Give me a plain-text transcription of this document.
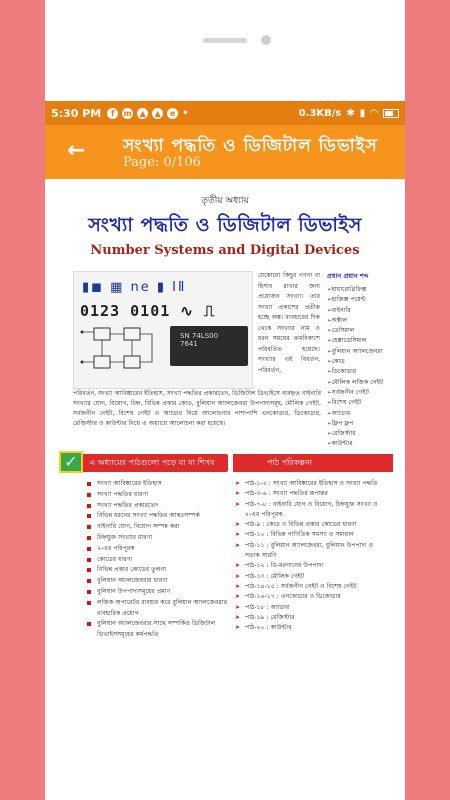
5:30 PM	f	m ▲	▲	e •	0.3KB/s ✱ ▮ ◠
← সংখ্যা পদ্ধতি ও ডিজিটাল ডিভাইস
Page: 0/106
তৃতীয় অধ্যায়
সংখ্যা পদ্ধতি ও ডিজিটাল ডিভাইস
Number Systems and Digital Devices
▮◼ ▦ ne ▮ ⅠⅡ
0123 0101 ∿ ⎍
SN 74LS00
7641
যেকোনো কিছুর গণনা বা হিসাব রাখার জন্য প্রয়োজন সংখ্যা। তার সংখ্যা প্রকাশের প্রতীক হচ্ছে অঙ্ক। ব্যবহারের দিক থেকে সংখ্যার নাম ও ধরন সময়ের ক্রমবিকাশে পরিবর্তিত হয়েছে। সংখ্যার এই বিবর্তন, পরিবর্তন,
পরিবর্তন, সংখ্যা আবিষ্কারের ইতিহাস, সংখ্যা পদ্ধতির প্রকারভেদ, ডিজিটাল ডিভাইসে ব্যবহৃত বাইনারি সংখ্যার যোগ, বিয়োগ, চিহ্ন, বিভিন্ন প্রকার কোড, বুলিয়ান অ্যালজেবরা উপপাদ্যসমূহ, মৌলিক গেইট, সর্বজনীন গেইট, বিশেষ গেইট ও অ্যাডার নিয়ে আলোচনার পাশাপাশি এনকোডার, ডিকোডার, রেজিস্টার ও কাউন্টার নিয়ে এ অধ্যায়ে আলোচনা করা হয়েছে।
প্রধান প্রধান শব্দ
➢ হায়ারোগ্লিফিক্স
➢ হাজিক্স পয়েন্ট
➢ বাইনারি
➢ অক্টাল
➢ ডেসিমাল
➢ হেক্সাডেসিমাল
➢ বুলিয়ান অ্যালজেবরা
➢ কোড
➢ ডিকোডার
➢ মৌলিক লজিক গেইট
➢ সর্বজনীন গেইট
➢ বিশেষ গেইট
➢ অ্যাডার
➢ ফ্লিপ ফ্লপ
➢ রেজিস্টার
➢ কাউন্টার
✓	এ অধ্যায়ের পাঠগুলো পড়ে যা যা শিখব	পাঠ পরিকল্পনা
সংখ্যা আবিষ্কারের ইতিহাস
সংখ্যা পদ্ধতির ধারণা
সংখ্যা পদ্ধতির প্রকারভেদ
বিভিন্ন ধরনের সংখ্যা পদ্ধতির আন্তঃসম্পর্ক
বাইনারি যোগ, বিয়োগ সম্পন্ন করা
চিহ্নযুক্ত সংখ্যার ধারণা
২-এর পরিপূরক
কোডের ধারণা
বিভিন্ন প্রকার কোডের তুলনা
বুলিয়ান অ্যালজেবরার ধারণা
বুলিয়ান উপপাদ্যসমূহের প্রমাণ
লজিক অপারেটর ব্যবহার করে বুলিয়ান অ্যালজেবরার ব্যবহারিক প্রয়োগ
বুলিয়ান অ্যালজেবরার সাথে সম্পর্কিত ডিজিটাল ডিভাইসসমূহের কর্মপদ্ধতি
➤ পাঠ-১-২ : সংখ্যা আবিষ্কারের ইতিহাস ও সংখ্যা পদ্ধতি
➤ পাঠ-৩-৬ : সংখ্যা পদ্ধতির রূপান্তর
➤ পাঠ-৭-৮ : বাইনারি যোগ ও বিয়োগ, চিহ্নযুক্ত সংখ্যা ও
২-এর পরিপূরক
➤ পাঠ-৯ : কোড ও বিভিন্ন প্রকার কোডের ধারণা
➤ পাঠ-১০ : বিভিন্ন গাণিতিক সমস্যা ও সমাধান
➤ পাঠ-১১ : বুলিয়ান অ্যালজেবরা, বুলিয়ান উপপাদ্য ও
সত্যক সারণি
➤ পাঠ-১২ : ডি-মরগানের উপপাদ্য
➤ পাঠ-১৩ : মৌলিক গেইট
➤ পাঠ-১৪-১৫ : সর্বজনীন গেইট ও বিশেষ গেইট
➤ পাঠ-১৬-১৭ : এনকোডার ও ডিকোডার
➤ পাঠ-১৮ : অ্যাডার
➤ পাঠ-১৯ : রেজিস্টার
➤ পাঠ-২০ : কাউন্টার
